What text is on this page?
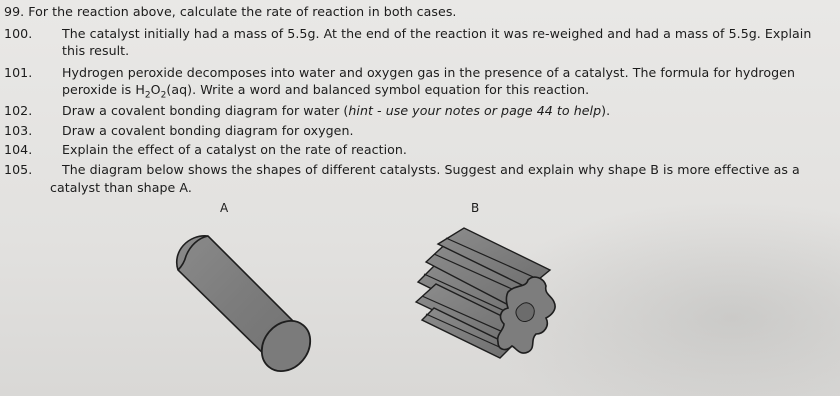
99. For the reaction above, calculate the rate of reaction in both cases.
100. The catalyst initially had a mass of 5.5g. At the end of the reaction it was re-weighed and had a mass of 5.5g. Explain
this result.
101. Hydrogen peroxide decomposes into water and oxygen gas in the presence of a catalyst. The formula for hydrogen
peroxide is $H_2O_2(aq)$. Write a word and balanced symbol equation for this reaction.
102. Draw a covalent bonding diagram for water (hint - use your notes or page 44 to help).
103. Draw a covalent bonding diagram for oxygen.
104. Explain the effect of a catalyst on the rate of reaction.
105. The diagram below shows the shapes of different catalysts. Suggest and explain why shape B is more effective as a
catalyst than shape A.
A	B
